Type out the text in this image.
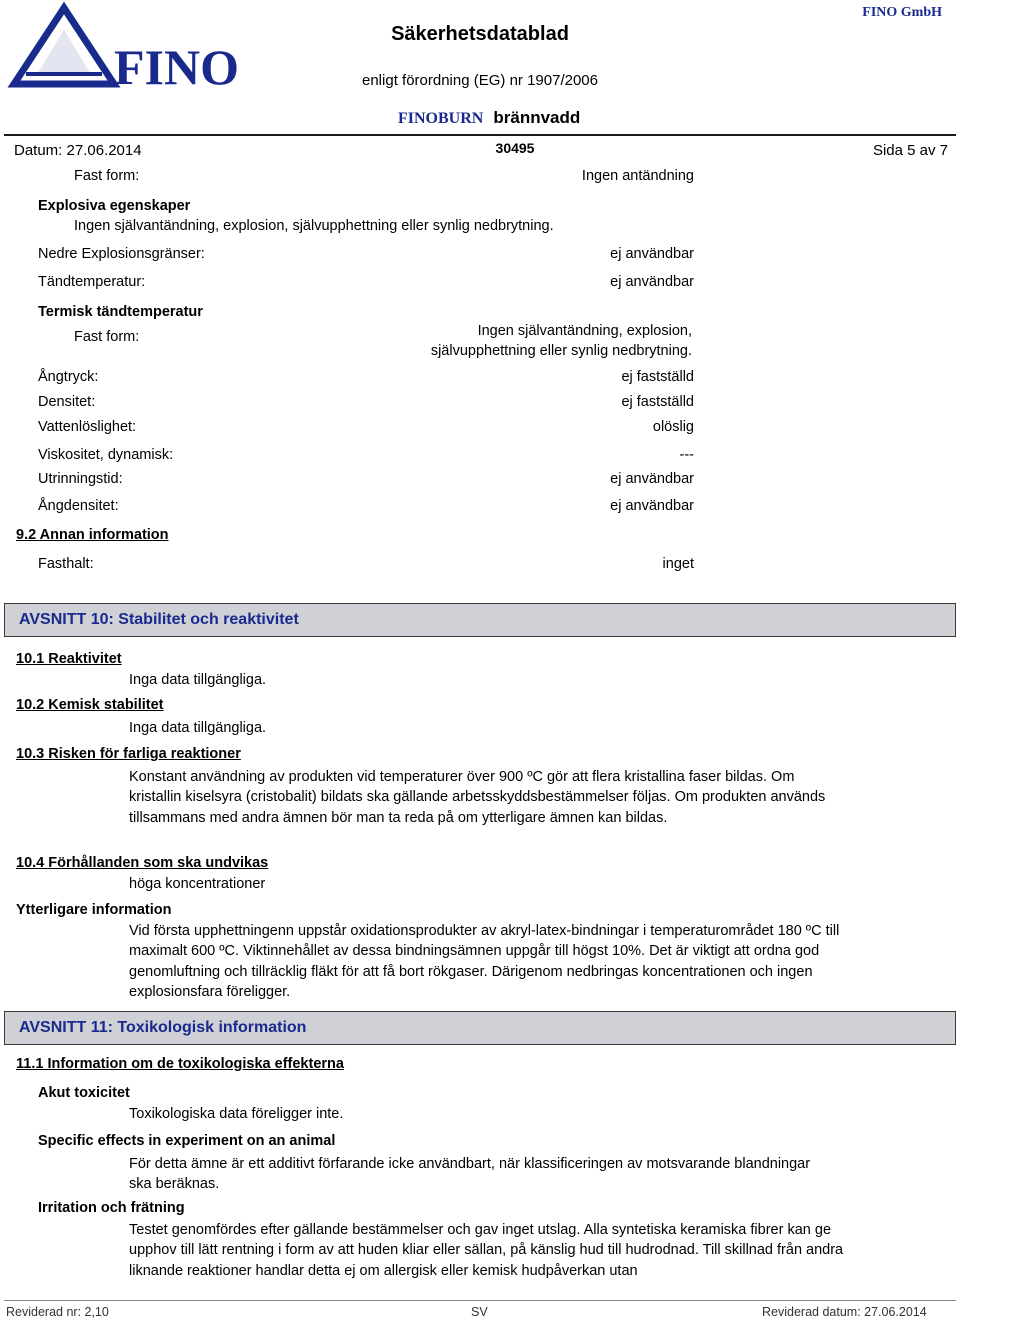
FINO
Säkerhetsdatablad
FINO GmbH
enligt förordning (EG) nr 1907/2006
FINOBURN brännvadd
Datum: 27.06.2014	30495	Sida 5 av 7
Fast form:	Ingen antändning
Explosiva egenskaper
Ingen självantändning, explosion, självupphettning eller synlig nedbrytning.
Nedre Explosionsgränser:	ej användbar
Tändtemperatur:	ej användbar
Termisk tändtemperatur
Fast form:	Ingen självantändning, explosion,
självupphettning eller synlig nedbrytning.
Ångtryck:	ej fastställd
Densitet:	ej fastställd
Vattenlöslighet:	olöslig
Viskositet, dynamisk:	---
Utrinningstid:	ej användbar
Ångdensitet:	ej användbar
9.2 Annan information
Fasthalt:	inget
AVSNITT 10: Stabilitet och reaktivitet
10.1 Reaktivitet
Inga data tillgängliga.
10.2 Kemisk stabilitet
Inga data tillgängliga.
10.3 Risken för farliga reaktioner
Konstant användning av produkten vid temperaturer över 900 ºC gör att flera kristallina faser bildas. Om kristallin kiselsyra (cristobalit) bildats ska gällande arbetsskyddsbestämmelser följas. Om produkten används tillsammans med andra ämnen bör man ta reda på om ytterligare ämnen kan bildas.
10.4 Förhållanden som ska undvikas
höga koncentrationer
Ytterligare information
Vid första upphettningenn uppstår oxidationsprodukter av akryl-latex-bindningar i temperaturområdet 180 ºC till maximalt 600 ºC. Viktinnehållet av dessa bindningsämnen uppgår till högst 10%. Det är viktigt att ordna god genomluftning och tillräcklig fläkt för att få bort rökgaser. Därigenom nedbringas koncentrationen och ingen explosionsfara föreligger.
AVSNITT 11: Toxikologisk information
11.1 Information om de toxikologiska effekterna
Akut toxicitet
Toxikologiska data föreligger inte.
Specific effects in experiment on an animal
För detta ämne är ett additivt förfarande icke användbart, när klassificeringen av motsvarande blandningar ska beräknas.
Irritation och frätning
Testet genomfördes efter gällande bestämmelser och gav inget utslag. Alla syntetiska keramiska fibrer kan ge upphov till lätt rentning i form av att huden kliar eller sällan, på känslig hud till hudrodnad. Till skillnad från andra liknande reaktioner handlar detta ej om allergisk eller kemisk hudpåverkan utan
Reviderad nr: 2,10	SV	Reviderad datum: 27.06.2014
